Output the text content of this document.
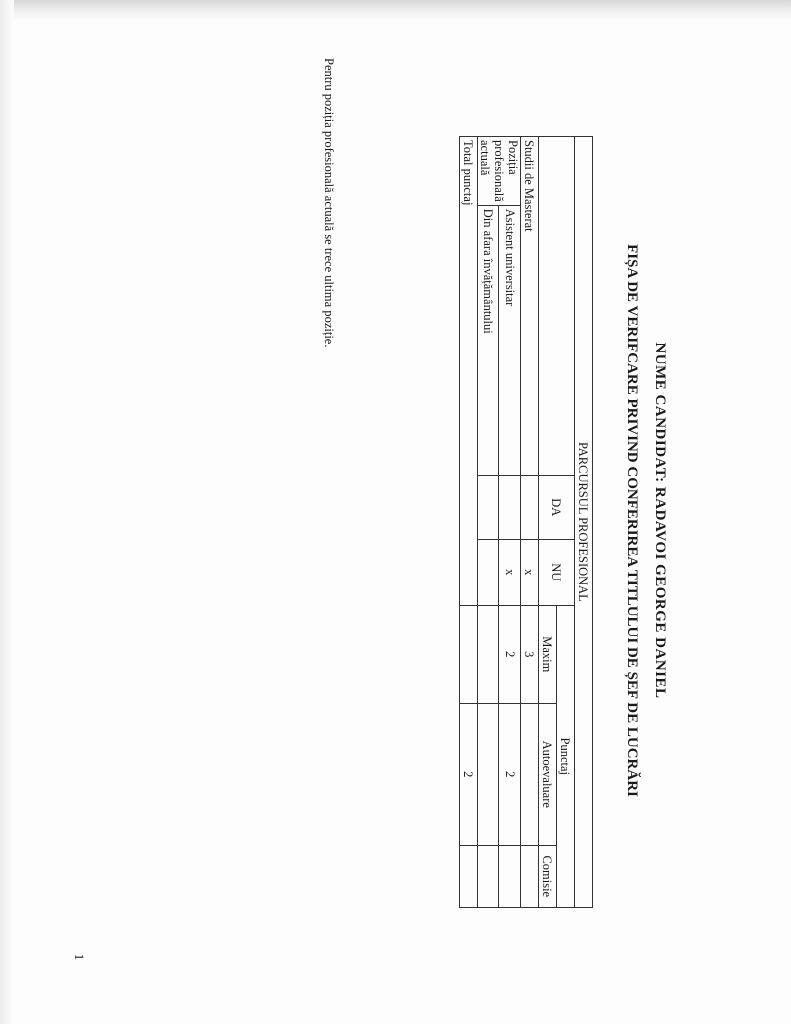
NUME CANDIDAT: RADAVOI GEORGE DANIEL
FIȘA DE VERIFCARE PRIVIND CONFERIREA TITLULUI DE ȘEF DE LUCRĂRI
PARCURSUL PROFESIONAL						
		DA	NU	Punctaj		
				Maxim	Autoevaluare	Comisie
Studii de Masterat			x	3		
Poziția profesională actuală	Asistent universitar		x	2	2	
	Din afara învățământului					
Total punctaj					2	
Pentru poziția profesională actuală se trece ultima poziție.
1
